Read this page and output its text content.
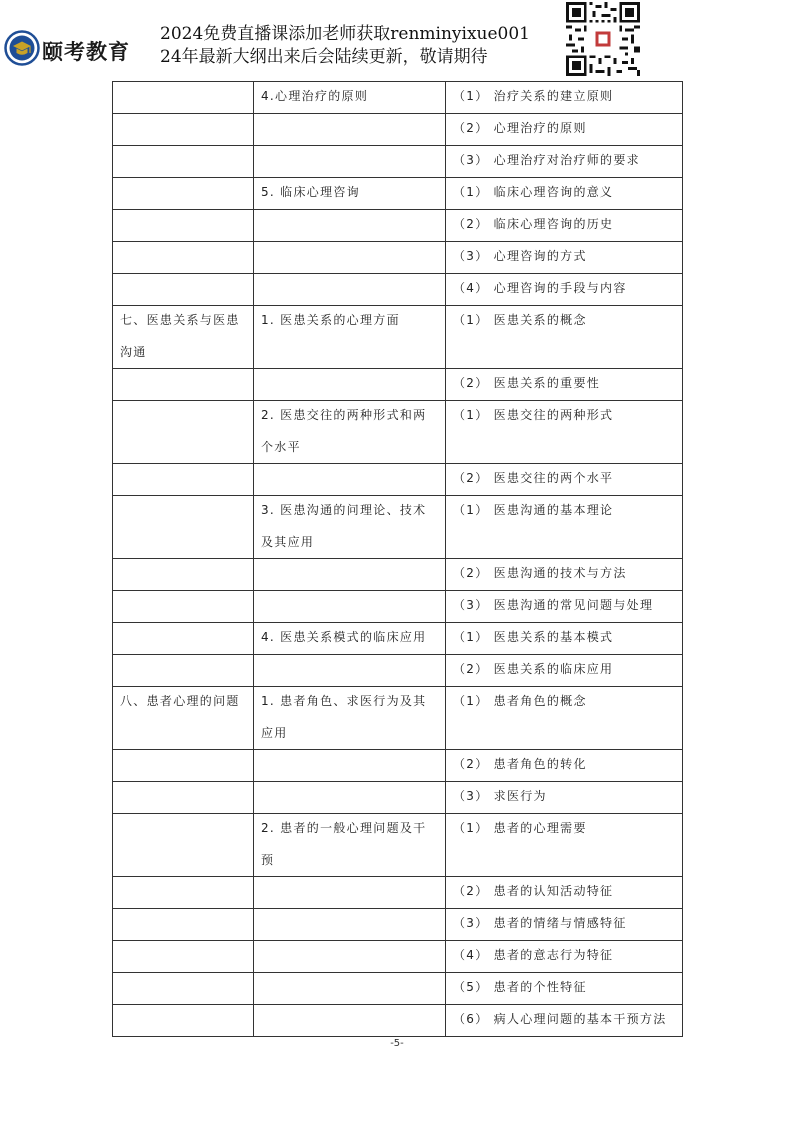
颐考教育
2024免费直播课添加老师获取renminyixue001
24年最新大纲出来后会陆续更新，敬请期待

	4.心理治疗的原则	（1） 治疗关系的建立原则

		（2） 心理治疗的原则

		（3） 心理治疗对治疗师的要求

	5. 临床心理咨询	（1） 临床心理咨询的意义

		（2） 临床心理咨询的历史

		（3） 心理咨询的方式

		（4） 心理咨询的手段与内容

七、医患关系与医患沟通	1. 医患关系的心理方面	（1） 医患关系的概念

		（2） 医患关系的重要性

	2. 医患交往的两种形式和两个水平	（1） 医患交往的两种形式

		（2） 医患交往的两个水平

	3. 医患沟通的问理论、技术及其应用	（1） 医患沟通的基本理论

		（2） 医患沟通的技术与方法

		（3） 医患沟通的常见问题与处理

	4. 医患关系模式的临床应用	（1） 医患关系的基本模式

		（2） 医患关系的临床应用

八、患者心理的问题	1. 患者角色、求医行为及其应用	（1） 患者角色的概念

		（2） 患者角色的转化

		（3） 求医行为

	2. 患者的一般心理问题及干预	（1） 患者的心理需要

		（2） 患者的认知活动特征

		（3） 患者的情绪与情感特征

		（4） 患者的意志行为特征

		（5） 患者的个性特征

		（6） 病人心理问题的基本干预方法
-5-
